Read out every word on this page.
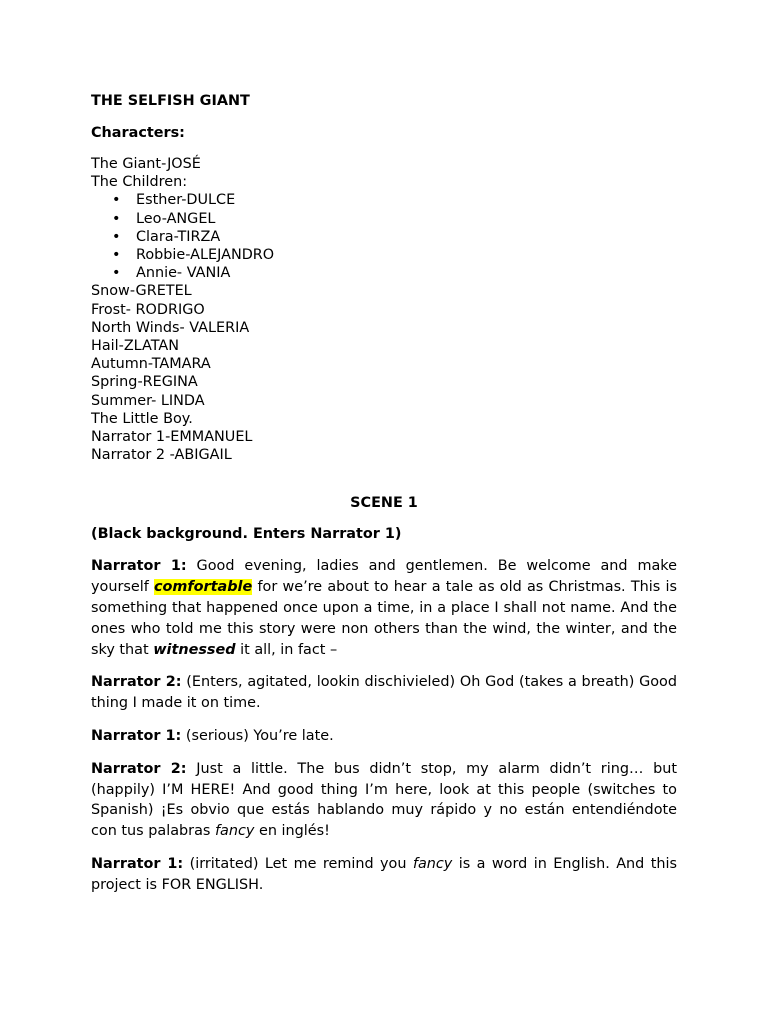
THE SELFISH GIANT

Characters:

The Giant-JOSÉ
The Children:
• Esther-DULCE
• Leo-ANGEL
• Clara-TIRZA
• Robbie-ALEJANDRO
• Annie- VANIA
Snow-GRETEL
Frost- RODRIGO
North Winds- VALERIA
Hail-ZLATAN
Autumn-TAMARA
Spring-REGINA
Summer- LINDA
The Little Boy.
Narrator 1-EMMANUEL
Narrator 2 -ABIGAIL
SCENE 1
(Black background. Enters Narrator 1)
Narrator 1: Good evening, ladies and gentlemen. Be welcome and make yourself comfortable for we’re about to hear a tale as old as Christmas. This is something that happened once upon a time, in a place I shall not name. And the ones who told me this story were non others than the wind, the winter, and the sky that witnessed it all, in fact –
Narrator 2: (Enters, agitated, lookin dischivieled) Oh God (takes a breath) Good thing I made it on time.
Narrator 1: (serious) You’re late.
Narrator 2: Just a little. The bus didn’t stop, my alarm didn’t ring… but (happily) I’M HERE! And good thing I’m here, look at this people (switches to Spanish) ¡Es obvio que estás hablando muy rápido y no están entendiéndote con tus palabras fancy en inglés!
Narrator 1: (irritated) Let me remind you fancy is a word in English. And this project is FOR ENGLISH.
